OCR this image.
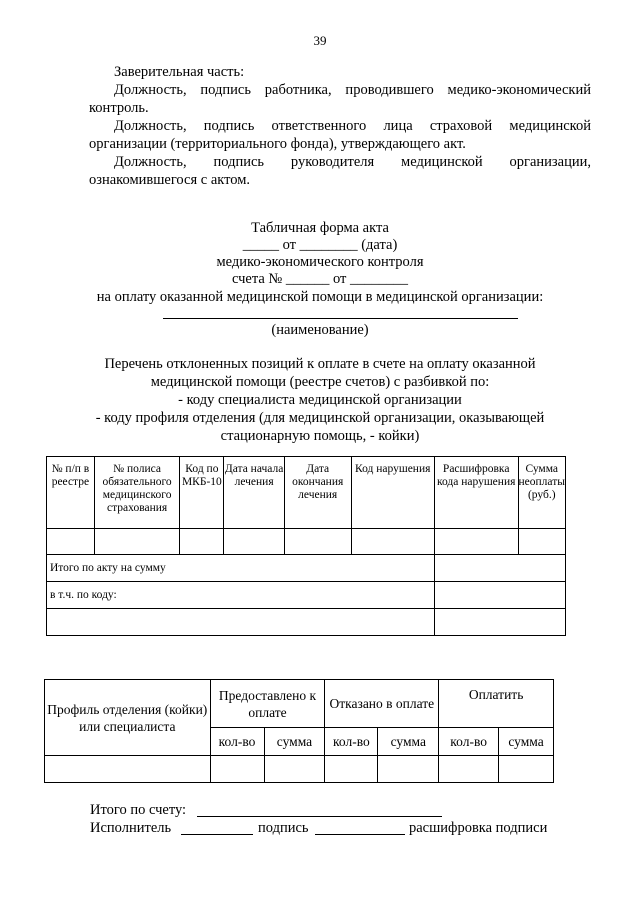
39
Заверительная часть:
Должность, подпись работника, проводившего медико-экономический
контроль.
Должность, подпись ответственного лица страховой медицинской
организации (территориального фонда), утверждающего акт.
Должность, подпись руководителя медицинской организации,
ознакомившегося с актом.
Табличная форма акта
_____ от ________ (дата)
медико-экономического контроля
счета № ______ от ________
на оплату оказанной медицинской помощи в медицинской организации:
(наименование)
Перечень отклоненных позиций к оплате в счете на оплату оказанной
медицинской помощи (реестре счетов) с разбивкой по:
- коду специалиста медицинской организации
- коду профиля отделения (для медицинской организации, оказывающей
стационарную помощь, - койки)
№ п/п в реестре	№ полиса обязательного медицинского страхования	Код по МКБ-10	Дата начала лечения	Дата окончания лечения	Код нарушения	Расшифровка кода нарушения	Сумма неоплаты (руб.)

Итого по акту на сумму							
в т.ч. по коду:							

Профиль отделения (койки) или специалиста	Предоставлено к оплате		Отказано в оплате		Оплатить	
	кол-во	сумма	кол-во	сумма	кол-во	сумма

Итого по счету:
Исполнитель	подпись	расшифровка подписи
